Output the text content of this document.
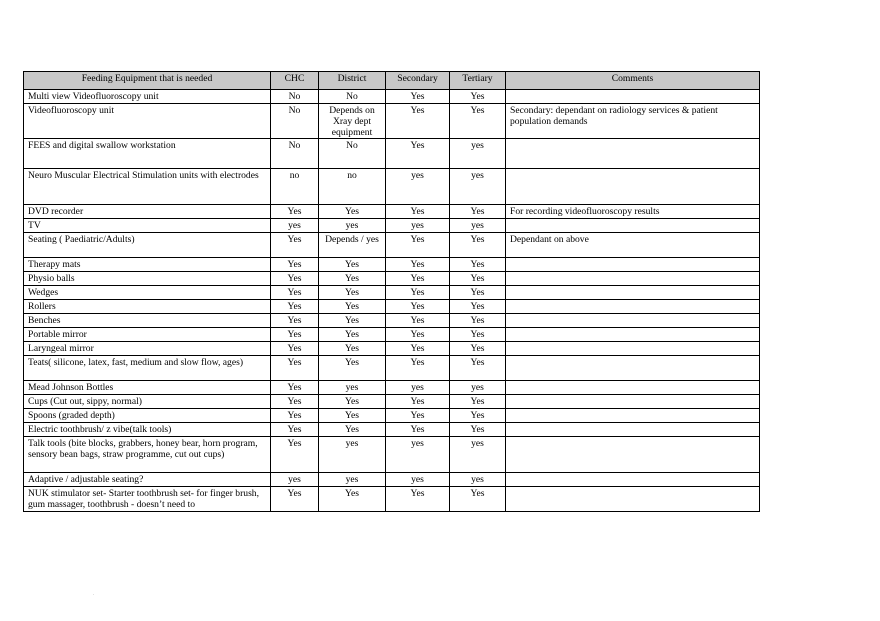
Feeding Equipment that is needed	CHC	District	Secondary	Tertiary	Comments
Multi view Videofluoroscopy unit	No	No	Yes	Yes	
Videofluoroscopy unit	No	Depends on Xray dept equipment	Yes	Yes	Secondary: dependant on radiology services & patient population demands
FEES and digital swallow workstation	No	No	Yes	yes	
Neuro Muscular Electrical Stimulation units with electrodes	no	no	yes	yes	
DVD recorder	Yes	Yes	Yes	Yes	For recording videofluoroscopy results
TV	yes	yes	yes	yes	
Seating ( Paediatric/Adults)	Yes	Depends / yes	Yes	Yes	Dependant on above
Therapy mats	Yes	Yes	Yes	Yes	
Physio balls	Yes	Yes	Yes	Yes	
Wedges	Yes	Yes	Yes	Yes	
Rollers	Yes	Yes	Yes	Yes	
Benches	Yes	Yes	Yes	Yes	
Portable mirror	Yes	Yes	Yes	Yes	
Laryngeal mirror	Yes	Yes	Yes	Yes	
Teats( silicone, latex, fast, medium and slow flow, ages)	Yes	Yes	Yes	Yes	
Mead Johnson Bottles	Yes	yes	yes	yes	
Cups (Cut out, sippy, normal)	Yes	Yes	Yes	Yes	
Spoons (graded depth)	Yes	Yes	Yes	Yes	
Electric toothbrush/ z vibe(talk tools)	Yes	Yes	Yes	Yes	
Talk tools (bite blocks, grabbers, honey bear, horn program, sensory bean bags, straw programme, cut out cups)	Yes	yes	yes	yes	
Adaptive / adjustable seating?	yes	yes	yes	yes	
NUK stimulator set- Starter toothbrush set- for finger brush, gum massager, toothbrush - doesn’t need to	Yes	Yes	Yes	Yes	
.
